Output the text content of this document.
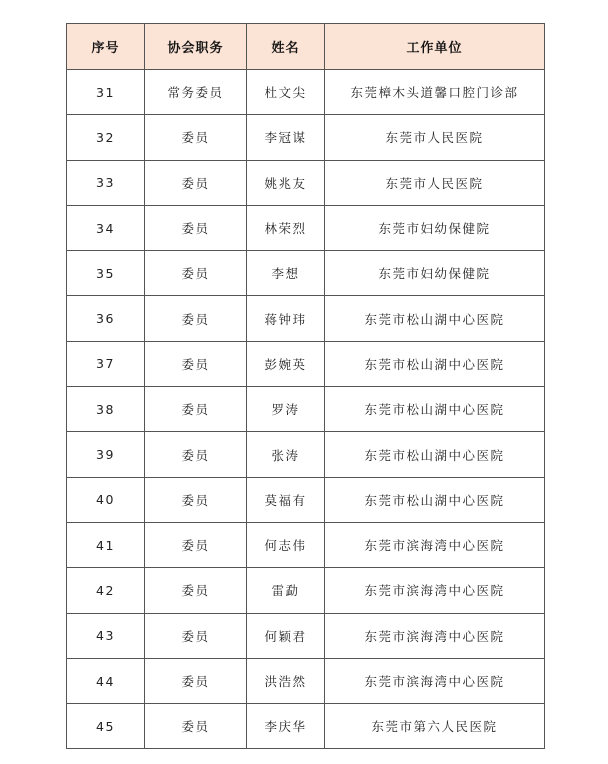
序号	协会职务	姓名	工作单位
31	常务委员	杜文尖	东莞樟木头道馨口腔门诊部
32	委员	李冠谋	东莞市人民医院
33	委员	姚兆友	东莞市人民医院
34	委员	林荣烈	东莞市妇幼保健院
35	委员	李想	东莞市妇幼保健院
36	委员	蒋钟玮	东莞市松山湖中心医院
37	委员	彭婉英	东莞市松山湖中心医院
38	委员	罗涛	东莞市松山湖中心医院
39	委员	张涛	东莞市松山湖中心医院
40	委员	莫福有	东莞市松山湖中心医院
41	委员	何志伟	东莞市滨海湾中心医院
42	委员	雷勐	东莞市滨海湾中心医院
43	委员	何颖君	东莞市滨海湾中心医院
44	委员	洪浩然	东莞市滨海湾中心医院
45	委员	李庆华	东莞市第六人民医院
